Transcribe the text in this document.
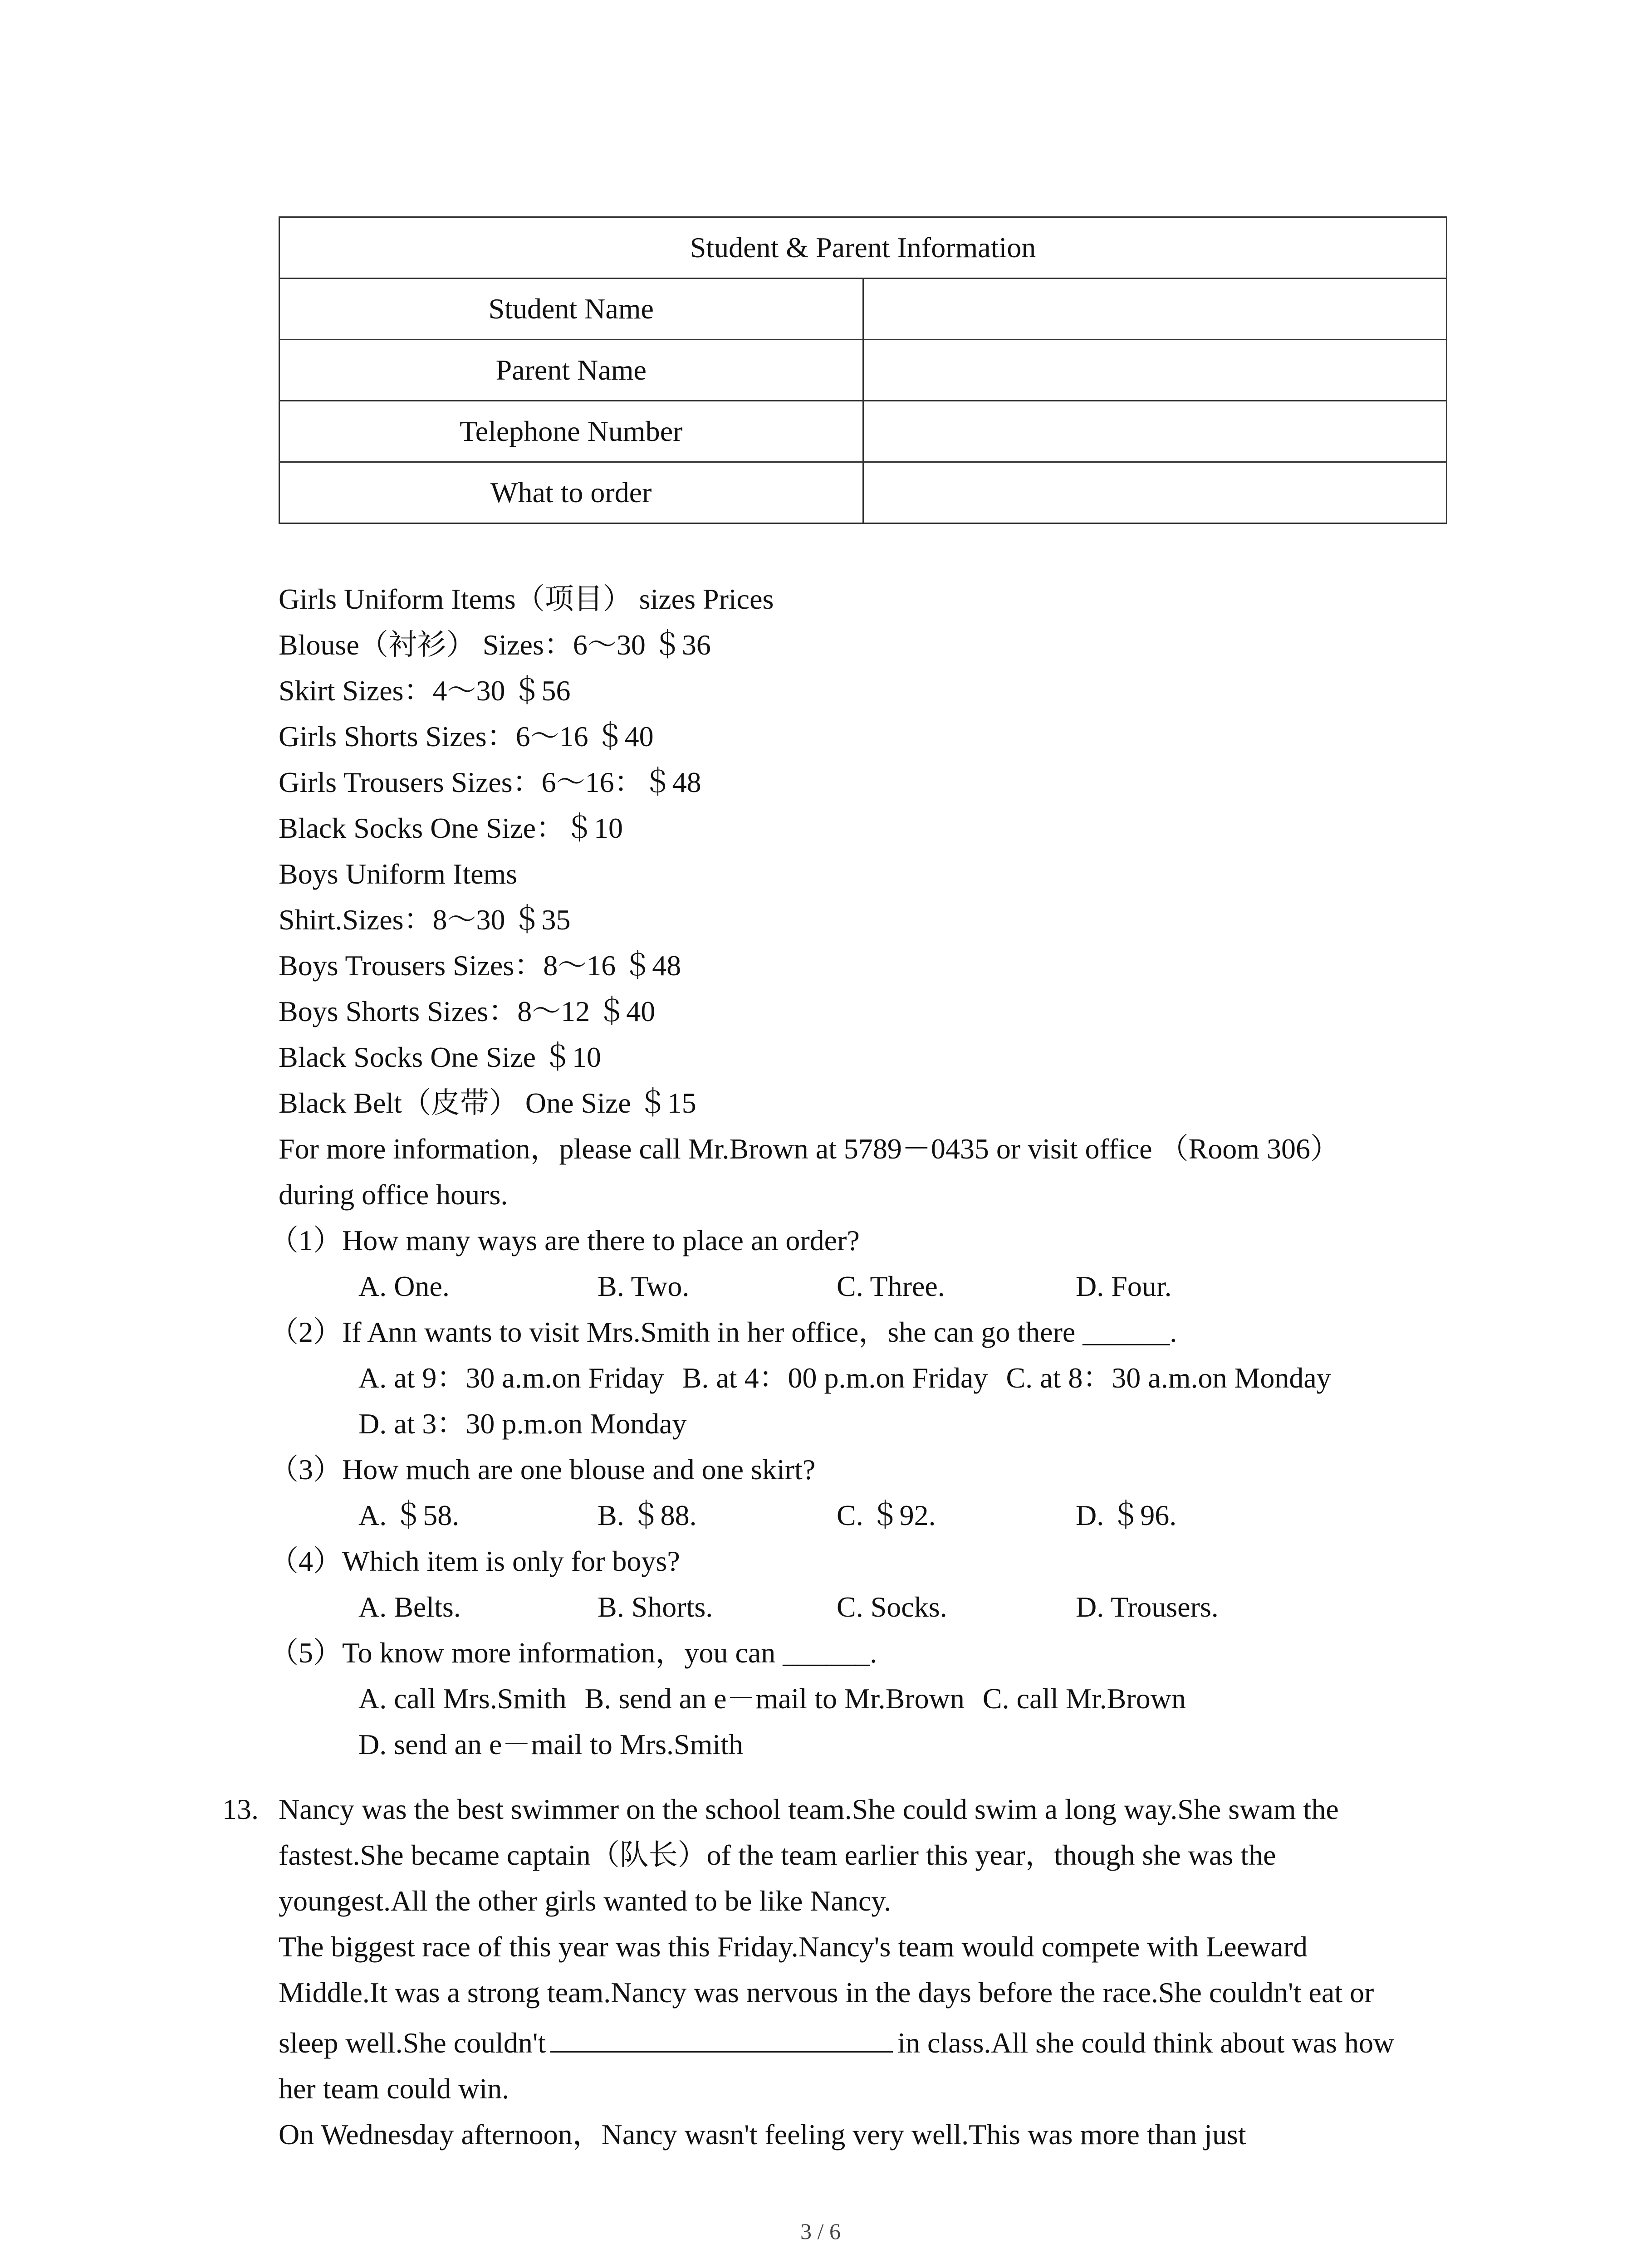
Student & Parent Information	
Student Name	
Parent Name	
Telephone Number	
What to order	
Girls Uniform Items（项目） sizes Prices
Blouse（衬衫） Sizes：6～30 ＄36
Skirt Sizes：4～30 ＄56
Girls Shorts Sizes：6～16 ＄40
Girls Trousers Sizes：6～16：＄48
Black Socks One Size：＄10
Boys Uniform Items
Shirt.Sizes：8～30 ＄35
Boys Trousers Sizes：8～16 ＄48
Boys Shorts Sizes：8～12 ＄40
Black Socks One Size ＄10
Black Belt（皮带） One Size ＄15
For more information，please call Mr.Brown at 5789－0435 or visit office （Room 306）
during office hours.
（1）How many ways are there to place an order?
A. One.	B. Two.	C. Three.	D. Four.
（2）If Ann wants to visit Mrs.Smith in her office，she can go there ______.
A. at 9：30 a.m.on Friday B. at 4：00 p.m.on Friday C. at 8：30 a.m.on Monday
D. at 3：30 p.m.on Monday
（3）How much are one blouse and one skirt?
A. ＄58.	B. ＄88.	C. ＄92.	D. ＄96.
（4）Which item is only for boys?
A. Belts.	B. Shorts.	C. Socks.	D. Trousers.
（5）To know more information，you can ______.
A. call Mrs.Smith B. send an e－mail to Mr.Brown C. call Mr.Brown
D. send an e－mail to Mrs.Smith
13. Nancy was the best swimmer on the school team.She could swim a long way.She swam the
fastest.She became captain（队长）of the team earlier this year，though she was the
youngest.All the other girls wanted to be like Nancy.
The biggest race of this year was this Friday.Nancy's team would compete with Leeward
Middle.It was a strong team.Nancy was nervous in the days before the race.She couldn't eat or
sleep well.She couldn't	in class.All she could think about was how
her team could win.
On Wednesday afternoon，Nancy wasn't feeling very well.This was more than just
3 / 6
